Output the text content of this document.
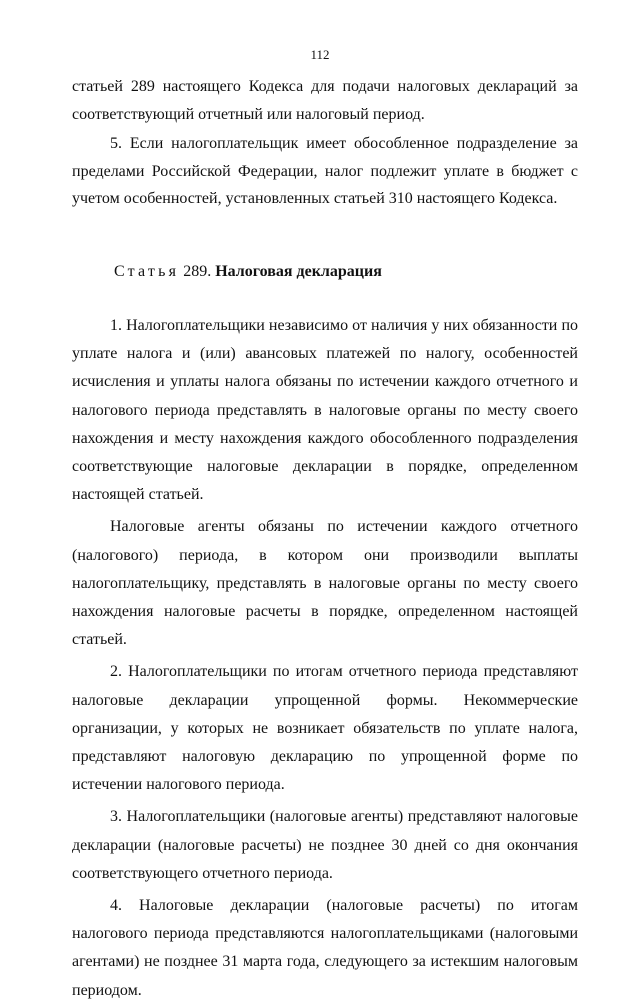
112

статьей 289 настоящего Кодекса для подачи налоговых деклараций за соответствующий отчетный или налоговый период.

5. Если налогоплательщик имеет обособленное подразделение за пределами Российской Федерации, налог подлежит уплате в бюджет с учетом особенностей, установленных статьей 310 настоящего Кодекса.

Статья 289. Налоговая декларация

1. Налогоплательщики независимо от наличия у них обязанности по уплате налога и (или) авансовых платежей по налогу, особенностей исчисления и уплаты налога обязаны по истечении каждого отчетного и налогового периода представлять в налоговые органы по месту своего нахождения и месту нахождения каждого обособленного подразделения соответствующие налоговые декларации в порядке, определенном настоящей статьей.

Налоговые агенты обязаны по истечении каждого отчетного (налогового) периода, в котором они производили выплаты налогоплательщику, представлять в налоговые органы по месту своего нахождения налоговые расчеты в порядке, определенном настоящей статьей.

2. Налогоплательщики по итогам отчетного периода представляют налоговые декларации упрощенной формы. Некоммерческие организации, у которых не возникает обязательств по уплате налога, представляют налоговую декларацию по упрощенной форме по истечении налогового периода.

3. Налогоплательщики (налоговые агенты) представляют налоговые декларации (налоговые расчеты) не позднее 30 дней со дня окончания соответствующего отчетного периода.

4. Налоговые декларации (налоговые расчеты) по итогам налогового периода представляются налогоплательщиками (налоговыми агентами) не позднее 31 марта года, следующего за истекшим налоговым периодом.
